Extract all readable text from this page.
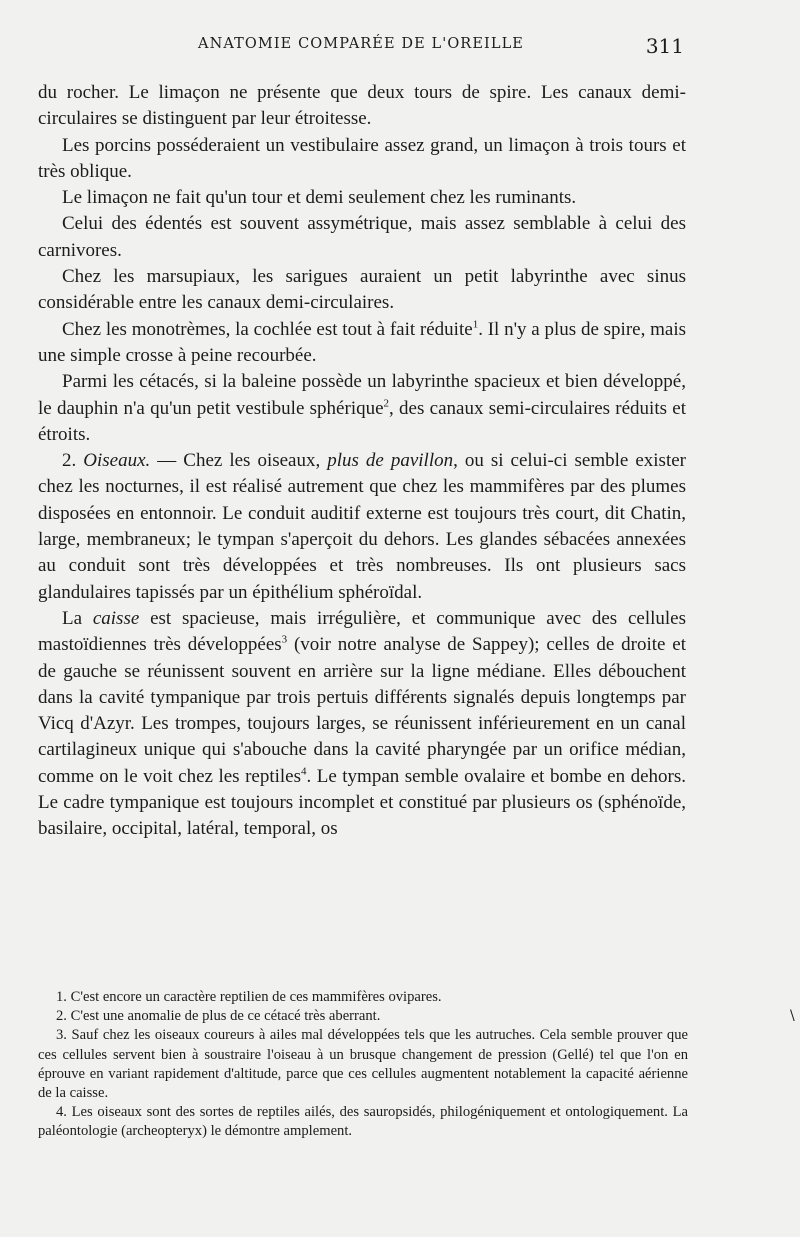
ANATOMIE COMPARÉE DE L'OREILLE	311

du rocher. Le limaçon ne présente que deux tours de spire. Les canaux demi-circulaires se distinguent par leur étroitesse.

Les porcins posséderaient un vestibulaire assez grand, un limaçon à trois tours et très oblique.

Le limaçon ne fait qu'un tour et demi seulement chez les ruminants.

Celui des édentés est souvent assymétrique, mais assez semblable à celui des carnivores.

Chez les marsupiaux, les sarigues auraient un petit labyrinthe avec sinus considérable entre les canaux demi-circulaires.

Chez les monotrèmes, la cochlée est tout à fait réduite$^1$. Il n'y a plus de spire, mais une simple crosse à peine recourbée.

Parmi les cétacés, si la baleine possède un labyrinthe spacieux et bien développé, le dauphin n'a qu'un petit vestibule sphérique$^2$, des canaux semi-circulaires réduits et étroits.

2. Oiseaux. — Chez les oiseaux, plus de pavillon, ou si celui-ci semble exister chez les nocturnes, il est réalisé autrement que chez les mammifères par des plumes disposées en entonnoir. Le conduit auditif externe est toujours très court, dit Chatin, large, membraneux; le tympan s'aperçoit du dehors. Les glandes sébacées annexées au conduit sont très développées et très nombreuses. Ils ont plusieurs sacs glandulaires tapissés par un épithélium sphéroïdal.

La caisse est spacieuse, mais irrégulière, et communique avec des cellules mastoïdiennes très développées$^3$ (voir notre analyse de Sappey); celles de droite et de gauche se réunissent souvent en arrière sur la ligne médiane. Elles débouchent dans la cavité tympanique par trois pertuis différents signalés depuis longtemps par Vicq d'Azyr. Les trompes, toujours larges, se réunissent inférieurement en un canal cartilagineux unique qui s'abouche dans la cavité pharyngée par un orifice médian, comme on le voit chez les reptiles$^4$. Le tympan semble ovalaire et bombe en dehors. Le cadre tympanique est toujours incomplet et constitué par plusieurs os (sphénoïde, basilaire, occipital, latéral, temporal, os

1. C'est encore un caractère reptilien de ces mammifères ovipares.

2. C'est une anomalie de plus de ce cétacé très aberrant.

3. Sauf chez les oiseaux coureurs à ailes mal développées tels que les autruches. Cela semble prouver que ces cellules servent bien à soustraire l'oiseau à un brusque changement de pression (Gellé) tel que l'on en éprouve en variant rapidement d'altitude, parce que ces cellules augmentent notablement la capacité aérienne de la caisse.

4. Les oiseaux sont des sortes de reptiles ailés, des sauropsidés, philogéniquement et ontologiquement. La paléontologie (archeopteryx) le démontre amplement.

\
